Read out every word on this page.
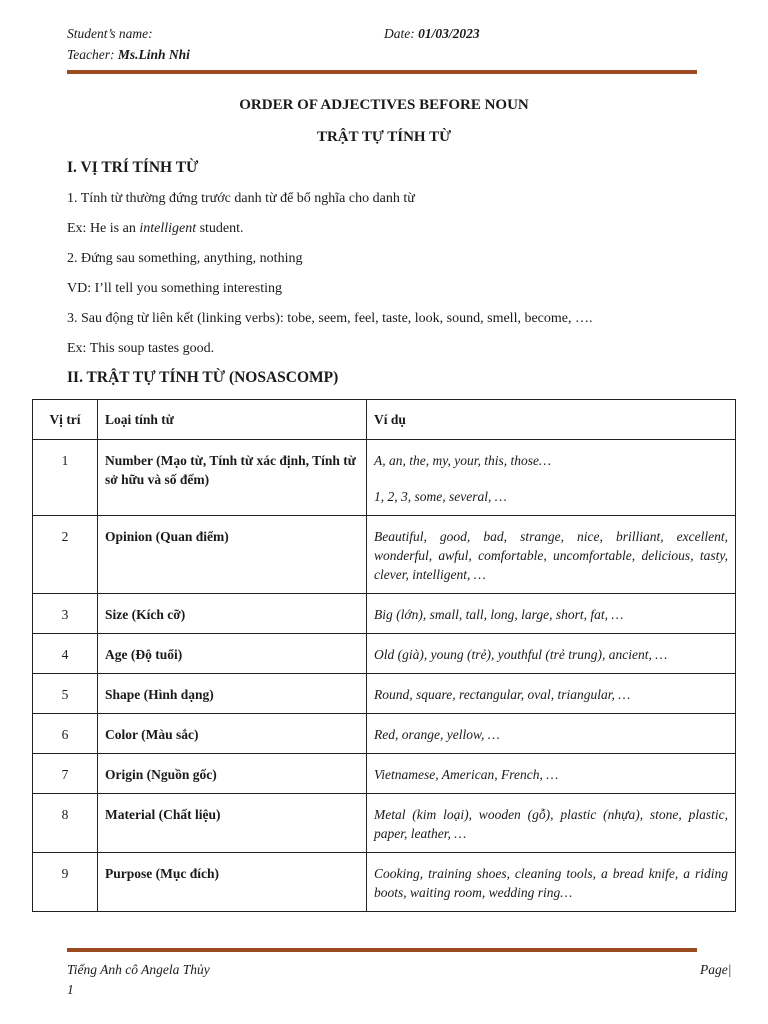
Student’s name:	Date: 01/03/2023
Teacher: Ms.Linh Nhi
ORDER OF ADJECTIVES BEFORE NOUN
TRẬT TỰ TÍNH TỪ
I. VỊ TRÍ TÍNH TỪ
1. Tính từ thường đứng trước danh từ để bổ nghĩa cho danh từ
Ex: He is an intelligent student.
2. Đứng sau something, anything, nothing
VD: I’ll tell you something interesting
3. Sau động từ liên kết (linking verbs): tobe, seem, feel, taste, look, sound, smell, become, ….
Ex: This soup tastes good.
II. TRẬT TỰ TÍNH TỪ (NOSASCOMP)
Vị trí	Loại tính từ	Ví dụ
1	Number (Mạo từ, Tính từ xác định, Tính từ sở hữu và số đếm)	A, an, the, my, your, this, those…
1, 2, 3, some, several, …
2	Opinion (Quan điểm)	Beautiful, good, bad, strange, nice, brilliant, excellent, wonderful, awful, comfortable, uncomfortable, delicious, tasty, clever, intelligent, …
3	Size (Kích cỡ)	Big (lớn), small, tall, long, large, short, fat, …
4	Age (Độ tuổi)	Old (già), young (trẻ), youthful (trẻ trung), ancient, …
5	Shape (Hình dạng)	Round, square, rectangular, oval, triangular, …
6	Color (Màu sắc)	Red, orange, yellow, …
7	Origin (Nguồn gốc)	Vietnamese, American, French, …
8	Material (Chất liệu)	Metal (kim loại), wooden (gỗ), plastic (nhựa), stone, plastic, paper, leather, …
9	Purpose (Mục đích)	Cooking, training shoes, cleaning tools, a bread knife, a riding boots, waiting room, wedding ring…
Tiếng Anh cô Angela Thủy	Page|
1
